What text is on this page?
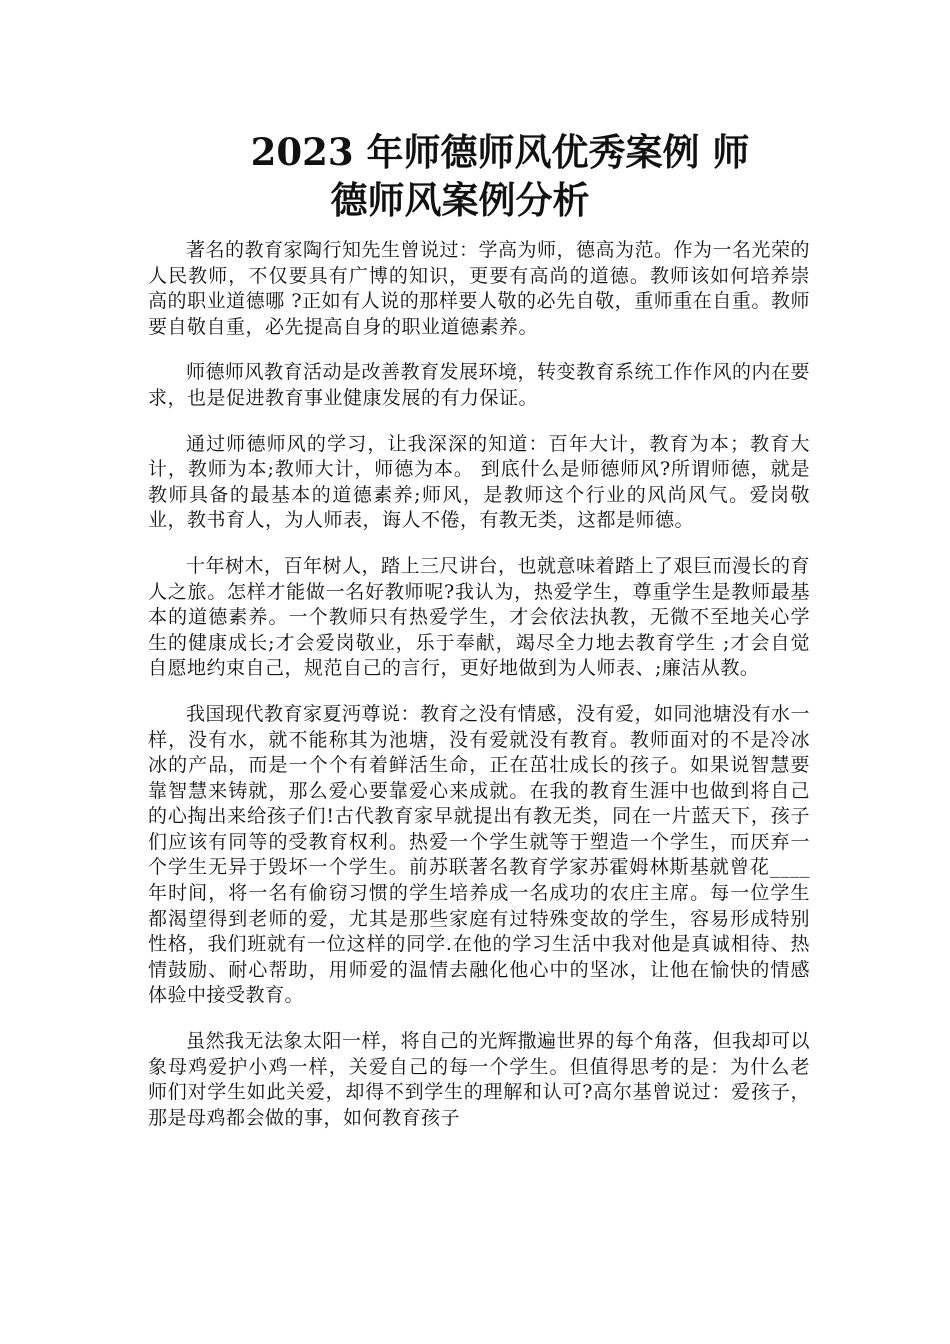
2023 年师德师风优秀案例 师
德师风案例分析

著名的教育家陶行知先生曾说过：学高为师，德高为范。作为一名光荣的人民教师，不仅要具有广博的知识，更要有高尚的道德。教师该如何培养崇高的职业道德哪 ?正如有人说的那样要人敬的必先自敬，重师重在自重。教师要自敬自重，必先提高自身的职业道德素养。

师德师风教育活动是改善教育发展环境，转变教育系统工作作风的内在要求，也是促进教育事业健康发展的有力保证。

通过师德师风的学习，让我深深的知道：百年大计，教育为本；教育大计，教师为本;教师大计，师德为本。 到底什么是师德师风?所谓师德，就是教师具备的最基本的道德素养;师风，是教师这个行业的风尚风气。爱岗敬业，教书育人，为人师表，诲人不倦，有教无类，这都是师德。

十年树木，百年树人，踏上三尺讲台，也就意味着踏上了艰巨而漫长的育人之旅。怎样才能做一名好教师呢?我认为，热爱学生，尊重学生是教师最基本的道德素养。一个教师只有热爱学生，才会依法执教，无微不至地关心学生的健康成长;才会爱岗敬业，乐于奉献，竭尽全力地去教育学生 ;才会自觉自愿地约束自己，规范自己的言行，更好地做到为人师表、;廉洁从教。

我国现代教育家夏沔尊说：教育之没有情感，没有爱，如同池塘没有水一样，没有水，就不能称其为池塘，没有爱就没有教育。教师面对的不是冷冰冰的产品，而是一个个有着鲜活生命，正在茁壮成长的孩子。如果说智慧要靠智慧来铸就，那么爱心要靠爱心来成就。在我的教育生涯中也做到将自己的心掏出来给孩子们!古代教育家早就提出有教无类，同在一片蓝天下，孩子们应该有同等的受教育权利。热爱一个学生就等于塑造一个学生，而厌弃一个学生无异于毁坏一个学生。前苏联著名教育学家苏霍姆林斯基就曾花____年时间，将一名有偷窃习惯的学生培养成一名成功的农庄主席。每一位学生都渴望得到老师的爱，尤其是那些家庭有过特殊变故的学生，容易形成特别性格，我们班就有一位这样的同学.在他的学习生活中我对他是真诚相待、热情鼓励、耐心帮助，用师爱的温情去融化他心中的坚冰，让他在愉快的情感体验中接受教育。

虽然我无法象太阳一样，将自己的光辉撒遍世界的每个角落，但我却可以象母鸡爱护小鸡一样，关爱自己的每一个学生。但值得思考的是：为什么老师们对学生如此关爱，却得不到学生的理解和认可?高尔基曾说过：爱孩子，那是母鸡都会做的事，如何教育孩子
